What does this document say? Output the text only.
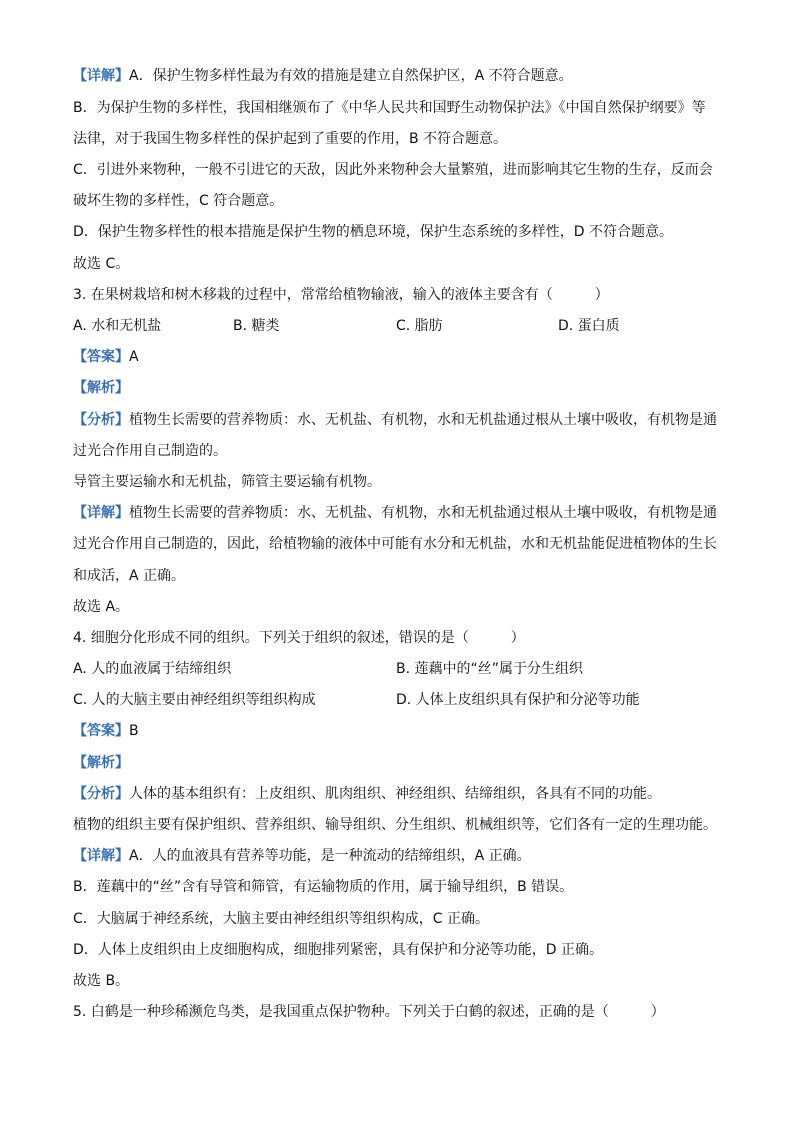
【详解】A．保护生物多样性最为有效的措施是建立自然保护区，A 不符合题意。
B．为保护生物的多样性，我国相继颁布了《中华人民共和国野生动物保护法》《中国自然保护纲要》等
法律，对于我国生物多样性的保护起到了重要的作用，B 不符合题意。
C．引进外来物种，一般不引进它的天敌，因此外来物种会大量繁殖，进而影响其它生物的生存，反而会
破坏生物的多样性，C 符合题意。
D．保护生物多样性的根本措施是保护生物的栖息环境，保护生态系统的多样性，D 不符合题意。
故选 C。
3. 在果树栽培和树木移栽的过程中，常常给植物输液，输入的液体主要含有（　　　）
A. 水和无机盐	B. 糖类	C. 脂肪	D. 蛋白质
【答案】A
【解析】
【分析】植物生长需要的营养物质：水、无机盐、有机物，水和无机盐通过根从土壤中吸收，有机物是通
过光合作用自己制造的。
导管主要运输水和无机盐，筛管主要运输有机物。
【详解】植物生长需要的营养物质：水、无机盐、有机物，水和无机盐通过根从土壤中吸收，有机物是通
过光合作用自己制造的，因此，给植物输的液体中可能有水分和无机盐，水和无机盐能促进植物体的生长
和成活，A 正确。
故选 A。
4. 细胞分化形成不同的组织。下列关于组织的叙述，错误的是（　　　）
A. 人的血液属于结缔组织	B. 莲藕中的“丝”属于分生组织
C. 人的大脑主要由神经组织等组织构成	D. 人体上皮组织具有保护和分泌等功能
【答案】B
【解析】
【分析】人体的基本组织有：上皮组织、肌肉组织、神经组织、结缔组织，各具有不同的功能。
植物的组织主要有保护组织、营养组织、输导组织、分生组织、机械组织等，它们各有一定的生理功能。
【详解】A．人的血液具有营养等功能，是一种流动的结缔组织，A 正确。
B．莲藕中的“丝”含有导管和筛管，有运输物质的作用，属于输导组织，B 错误。
C．大脑属于神经系统，大脑主要由神经组织等组织构成，C 正确。
D．人体上皮组织由上皮细胞构成，细胞排列紧密，具有保护和分泌等功能，D 正确。
故选 B。
5. 白鹤是一种珍稀濒危鸟类，是我国重点保护物种。下列关于白鹤的叙述，正确的是（　　　）
